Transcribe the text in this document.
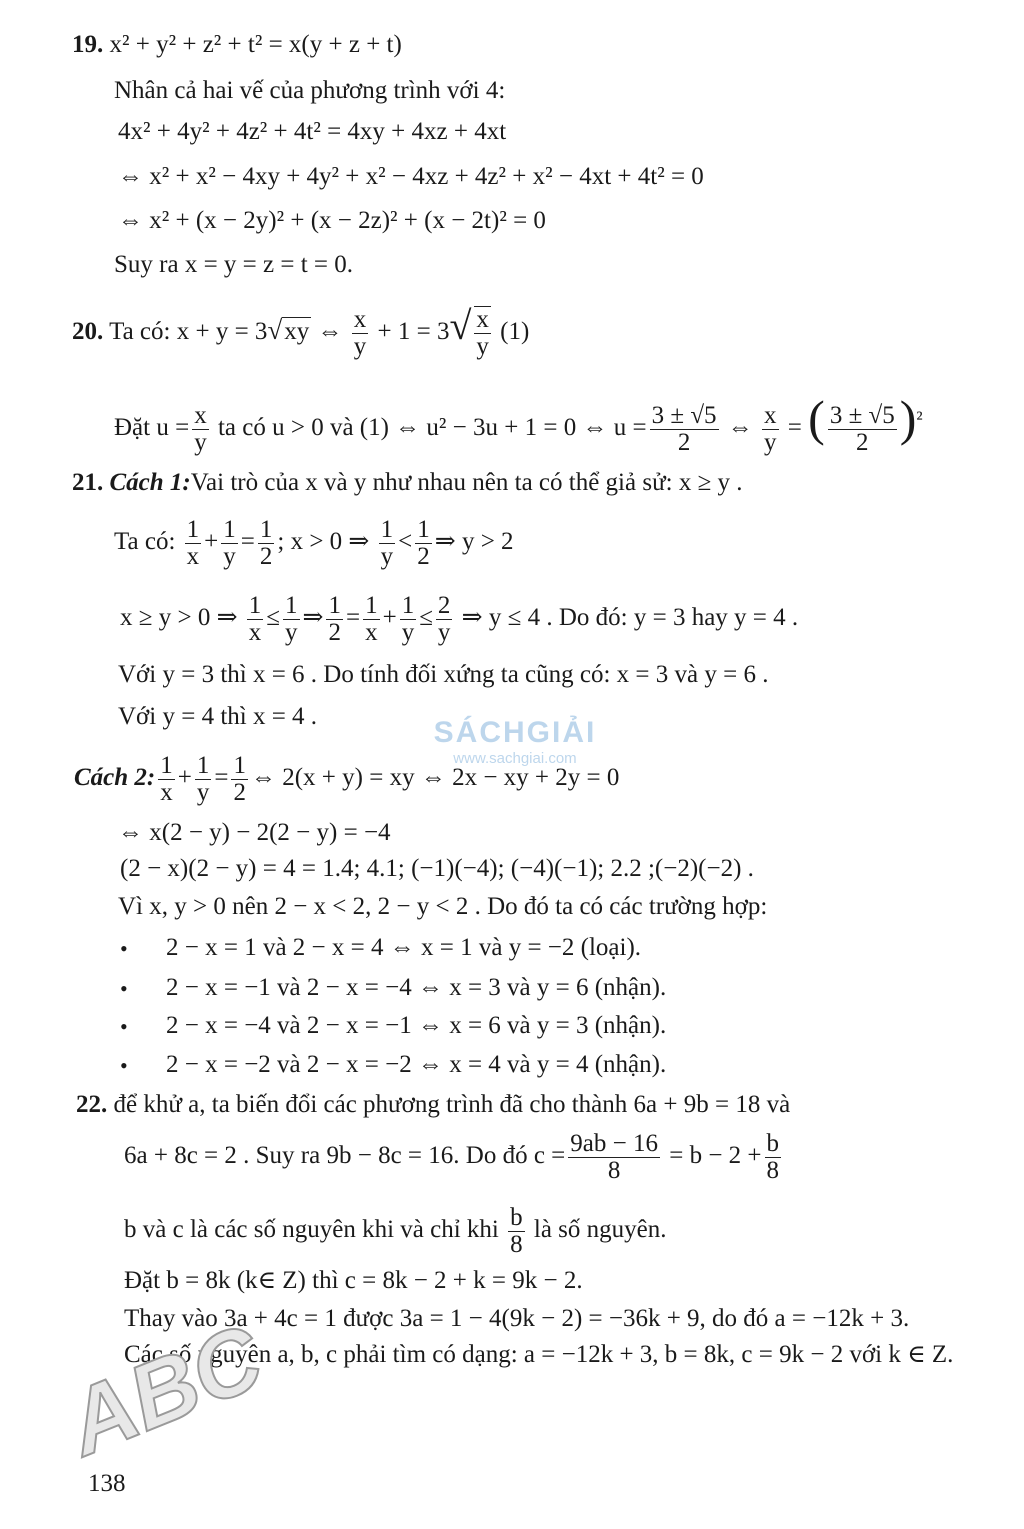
19. x² + y² + z² + t² = x(y + z + t)
Nhân cả hai vế của phương trình với 4:
4x² + 4y² + 4z² + 4t² = 4xy + 4xz + 4xt
⇔ x² + x² − 4xy + 4y² + x² − 4xz + 4z² + x² − 4xt + 4t² = 0
⇔ x² + (x − 2y)² + (x − 2z)² + (x − 2t)² = 0
Suy ra x = y = z = t = 0.
20. Ta có: x + y = 3√xy ⇔ $\frac{x}{y} + 1 = 3√ \frac{x}{y} (1)$
Đặt $u = \frac{x}{y}$ ta có u > 0 và (1) ⇔ u² − 3u + 1 = 0 ⇔ $u = \frac{3 \pm √5}{2}$ ⇔ $\frac{x}{y}$ = ( $\frac{3 \pm √5}{2} )^{^2}$
21. Cách 1:Vai trò của x và y như nhau nên ta có thể giả sử: x ≥ y .
Ta có: $\frac{1}{x} + \frac{1}{y} = \frac{1}{2}$ ; x > 0 ⇒ $\frac{1}{y} < \frac{1}{2}$ ⇒ y > 2
x ≥ y > 0 ⇒ $\frac{1}{x} \le \frac{1}{y}$ ⇒ $\frac{1}{2} = \frac{1}{x} + \frac{1}{y} \le \frac{2}{y}$ ⇒ y ≤ 4 . Do đó: y = 3 hay y = 4 .
Với y = 3 thì x = 6 . Do tính đối xứng ta cũng có: x = 3 và y = 6 .
Với y = 4 thì x = 4 .
Cách 2: $\frac{1}{x} + \frac{1}{y} = \frac{1}{2}$ ⇔ 2(x + y) = xy ⇔ 2x − xy + 2y = 0
⇔ x(2 − y) − 2(2 − y) = −4
(2 − x)(2 − y) = 4 = 1.4; 4.1; (−1)(−4); (−4)(−1); 2.2 ;(−2)(−2) .
Vì x, y > 0 nên 2 − x < 2, 2 − y < 2 . Do đó ta có các trường hợp:
• 2 − x = 1 và 2 − x = 4 ⇔ x = 1 và y = −2 (loại).
• 2 − x = −1 và 2 − x = −4 ⇔ x = 3 và y = 6 (nhận).
• 2 − x = −4 và 2 − x = −1 ⇔ x = 6 và y = 3 (nhận).
• 2 − x = −2 và 2 − x = −2 ⇔ x = 4 và y = 4 (nhận).
22. để khử a, ta biến đổi các phương trình đã cho thành 6a + 9b = 18 và
6a + 8c = 2 . Suy ra 9b − 8c = 16. Do đó $c = \frac{9ab - 16}{8} = b - 2 + \frac{b}{8}$
b và c là các số nguyên khi và chỉ khi $\frac{b}{8}$ là số nguyên.
Đặt b = 8k (k∈ Z) thì c = 8k − 2 + k = 9k − 2.
Thay vào 3a + 4c = 1 được 3a = 1 − 4(9k − 2) = −36k + 9, do đó a = −12k + 3.
Các số nguyên a, b, c phải tìm có dạng: a = −12k + 3, b = 8k, c = 9k − 2 với k ∈ Z.
SÁCHGIẢI
www.sachgiai.com
ABC
138
